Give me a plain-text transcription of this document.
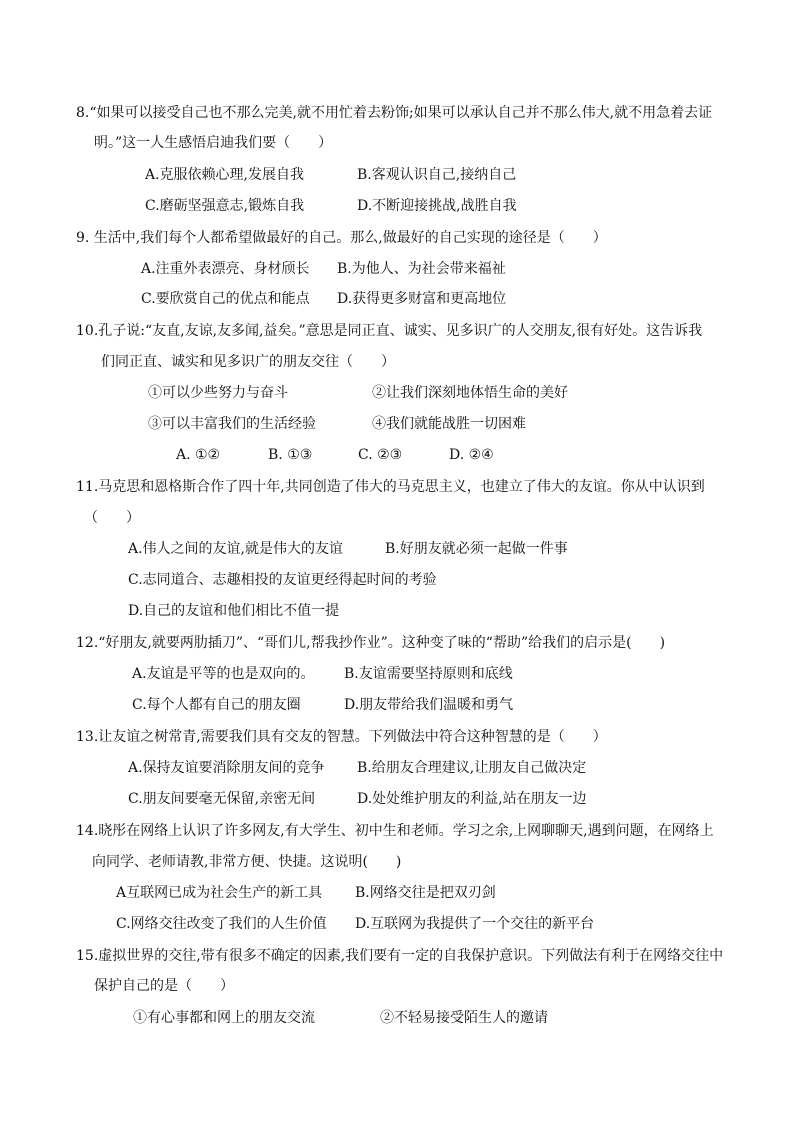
8.“如果可以接受自己也不那么完美,就不用忙着去粉饰;如果可以承认自己并不那么伟大,就不用急着去证
明。”这一人生感悟启迪我们要（　　）
A.克服依赖心理,发展自我	B.客观认识自己,接纳自己
C.磨砺坚强意志,锻炼自我	D.不断迎接挑战,战胜自我
9. 生活中,我们每个人都希望做最好的自己。那么,做最好的自己实现的途径是（　　）
A.注重外表漂亮、身材颀长 B.为他人、为社会带来福祉
C.要欣赏自己的优点和能点 D.获得更多财富和更高地位
10.孔子说:“友直,友谅,友多闻,益矣。”意思是同正直、诚实、见多识广的人交朋友,很有好处。这告诉我
们同正直、诚实和见多识广的朋友交往（　　）
①可以少些努力与奋斗	②让我们深刻地体悟生命的美好
③可以丰富我们的生活经验	④我们就能战胜一切困难
A. ①②	B. ①③	C. ②③	D. ②④
11.马克思和恩格斯合作了四十年,共同创造了伟大的马克思主义，也建立了伟大的友谊。你从中认识到
（　　）
A.伟人之间的友谊,就是伟大的友谊	B.好朋友就必须一起做一件事
C.志同道合、志趣相投的友谊更经得起时间的考验
D.自己的友谊和他们相比不值一提
12.“好朋友,就要两肋插刀”、“哥们儿,帮我抄作业”。这种变了味的“帮助”给我们的启示是(　　)
A.友谊是平等的也是双向的。 B.友谊需要坚持原则和底线
C.每个人都有自己的朋友圈	D.朋友带给我们温暖和勇气
13.让友谊之树常青,需要我们具有交友的智慧。下列做法中符合这种智慧的是（　　）
A.保持友谊要消除朋友间的竞争 B.给朋友合理建议,让朋友自己做决定
C.朋友间要毫无保留,亲密无间	D.处处维护朋友的利益,站在朋友一边
14.晓彤在网络上认识了许多网友,有大学生、初中生和老师。学习之余,上网聊聊天,遇到问题，在网络上
向同学、老师请教,非常方便、快捷。这说明(　　)
A互联网已成为社会生产的新工具 B.网络交往是把双刃剑
C.网络交往改变了我们的人生价值 D.互联网为我提供了一个交往的新平台
15.虚拟世界的交往,带有很多不确定的因素,我们要有一定的自我保护意识。下列做法有利于在网络交往中
保护自己的是（　　）
①有心事都和网上的朋友交流	②不轻易接受陌生人的邀请
